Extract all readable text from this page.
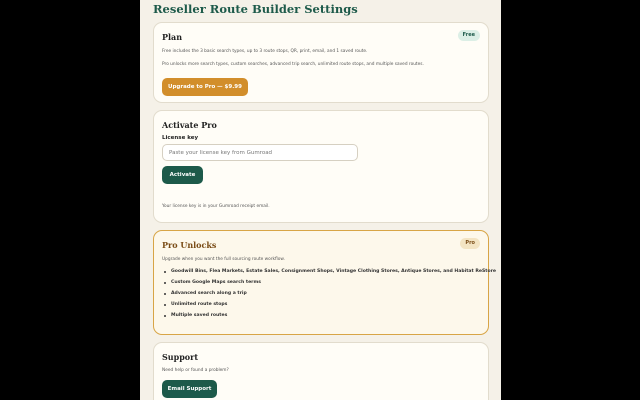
Reseller Route Builder Settings
Plan	Free
Free includes the 3 basic search types, up to 3 route stops, QR, print, email, and 1 saved route.
Pro unlocks more search types, custom searches, advanced trip search, unlimited route stops, and multiple saved routes.
Upgrade to Pro — $9.99
Activate Pro
License key
Paste your license key from Gumroad
Activate
Your license key is in your Gumroad receipt email.
Pro Unlocks	Pro
Upgrade when you want the full sourcing route workflow.
Goodwill Bins, Flea Markets, Estate Sales, Consignment Shops, Vintage Clothing Stores, Antique Stores, and Habitat ReStore
Custom Google Maps search terms
Advanced search along a trip
Unlimited route stops
Multiple saved routes
Support
Need help or found a problem?
Email Support
